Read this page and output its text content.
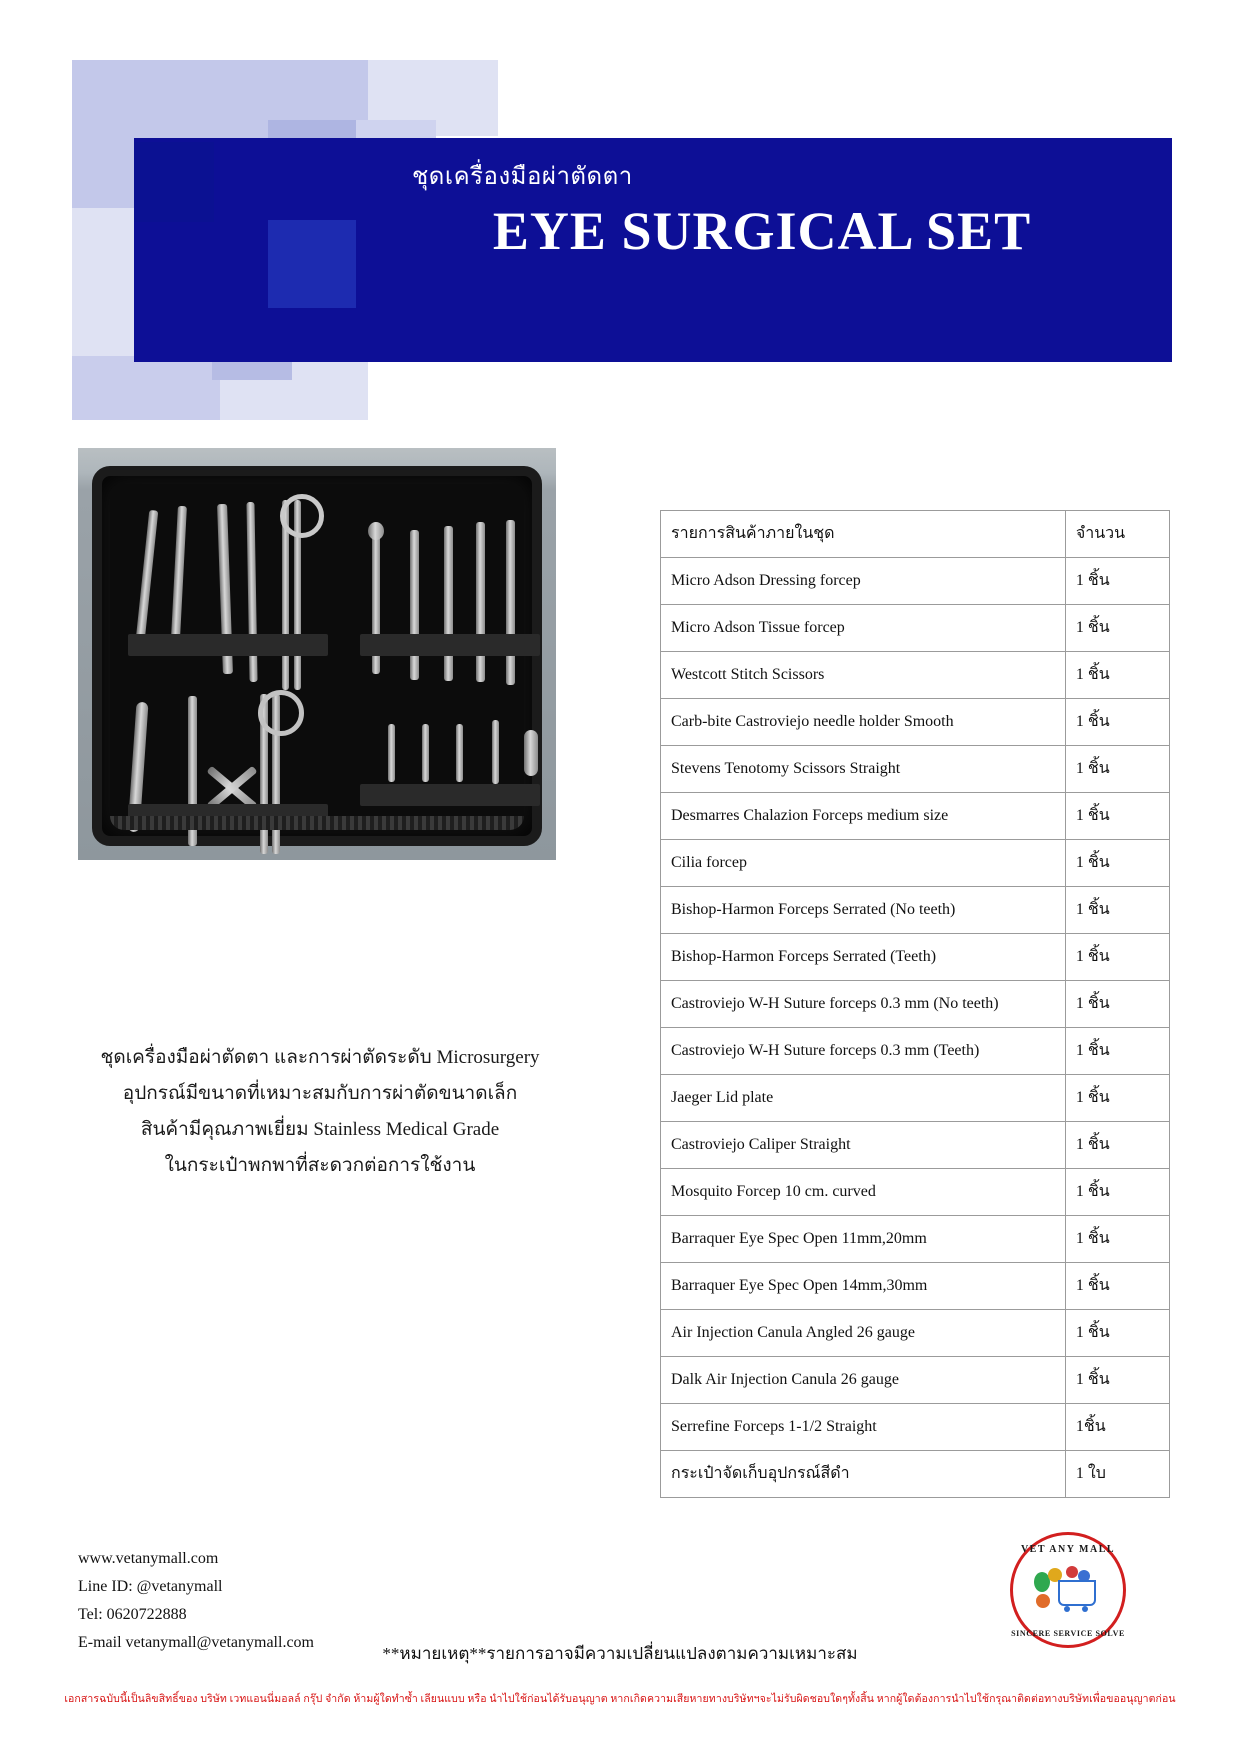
ชุดเครื่องมือผ่าตัดตา
EYE SURGICAL SET
ชุดเครื่องมือผ่าตัดตา และการผ่าตัดระดับ Microsurgery
อุปกรณ์มีขนาดที่เหมาะสมกับการผ่าตัดขนาดเล็ก
สินค้ามีคุณภาพเยี่ยม Stainless Medical Grade
ในกระเป๋าพกพาที่สะดวกต่อการใช้งาน
รายการสินค้าภายในชุด	จำนวน
Micro Adson Dressing forcep	1 ชิ้น
Micro Adson Tissue forcep	1 ชิ้น
Westcott Stitch Scissors	1 ชิ้น
Carb-bite Castroviejo needle holder Smooth	1 ชิ้น
Stevens Tenotomy Scissors Straight	1 ชิ้น
Desmarres Chalazion Forceps medium size	1 ชิ้น
Cilia forcep	1 ชิ้น
Bishop-Harmon Forceps Serrated (No teeth)	1 ชิ้น
Bishop-Harmon Forceps Serrated (Teeth)	1 ชิ้น
Castroviejo W-H Suture forceps 0.3 mm (No teeth)	1 ชิ้น
Castroviejo W-H Suture forceps 0.3 mm (Teeth)	1 ชิ้น
Jaeger Lid plate	1 ชิ้น
Castroviejo Caliper Straight	1 ชิ้น
Mosquito Forcep 10 cm. curved	1 ชิ้น
Barraquer Eye Spec Open 11mm,20mm	1 ชิ้น
Barraquer Eye Spec Open 14mm,30mm	1 ชิ้น
Air Injection Canula Angled 26 gauge	1 ชิ้น
Dalk Air Injection Canula 26 gauge	1 ชิ้น
Serrefine Forceps 1-1/2 Straight	1ชิ้น
กระเป๋าจัดเก็บอุปกรณ์สีดำ	1 ใบ
www.vetanymall.com
Line ID: @vetanymall
Tel: 0620722888
E-mail vetanymall@vetanymall.com
**หมายเหตุ**รายการอาจมีความเปลี่ยนแปลงตามความเหมาะสม
เอกสารฉบับนี้เป็นลิขสิทธิ์ของ บริษัท เวทแอนนี่มอลล์ กรุ๊ป จำกัด ห้ามผู้ใดทำซ้ำ เลียนแบบ หรือ นำไปใช้ก่อนได้รับอนุญาต หากเกิดความเสียหายทางบริษัทฯจะไม่รับผิดชอบใดๆทั้งสิ้น หากผู้ใดต้องการนำไปใช้กรุณาติดต่อทางบริษัทเพื่อขออนุญาตก่อน
VET ANY MALL
SINCERE SERVICE SOLVE
